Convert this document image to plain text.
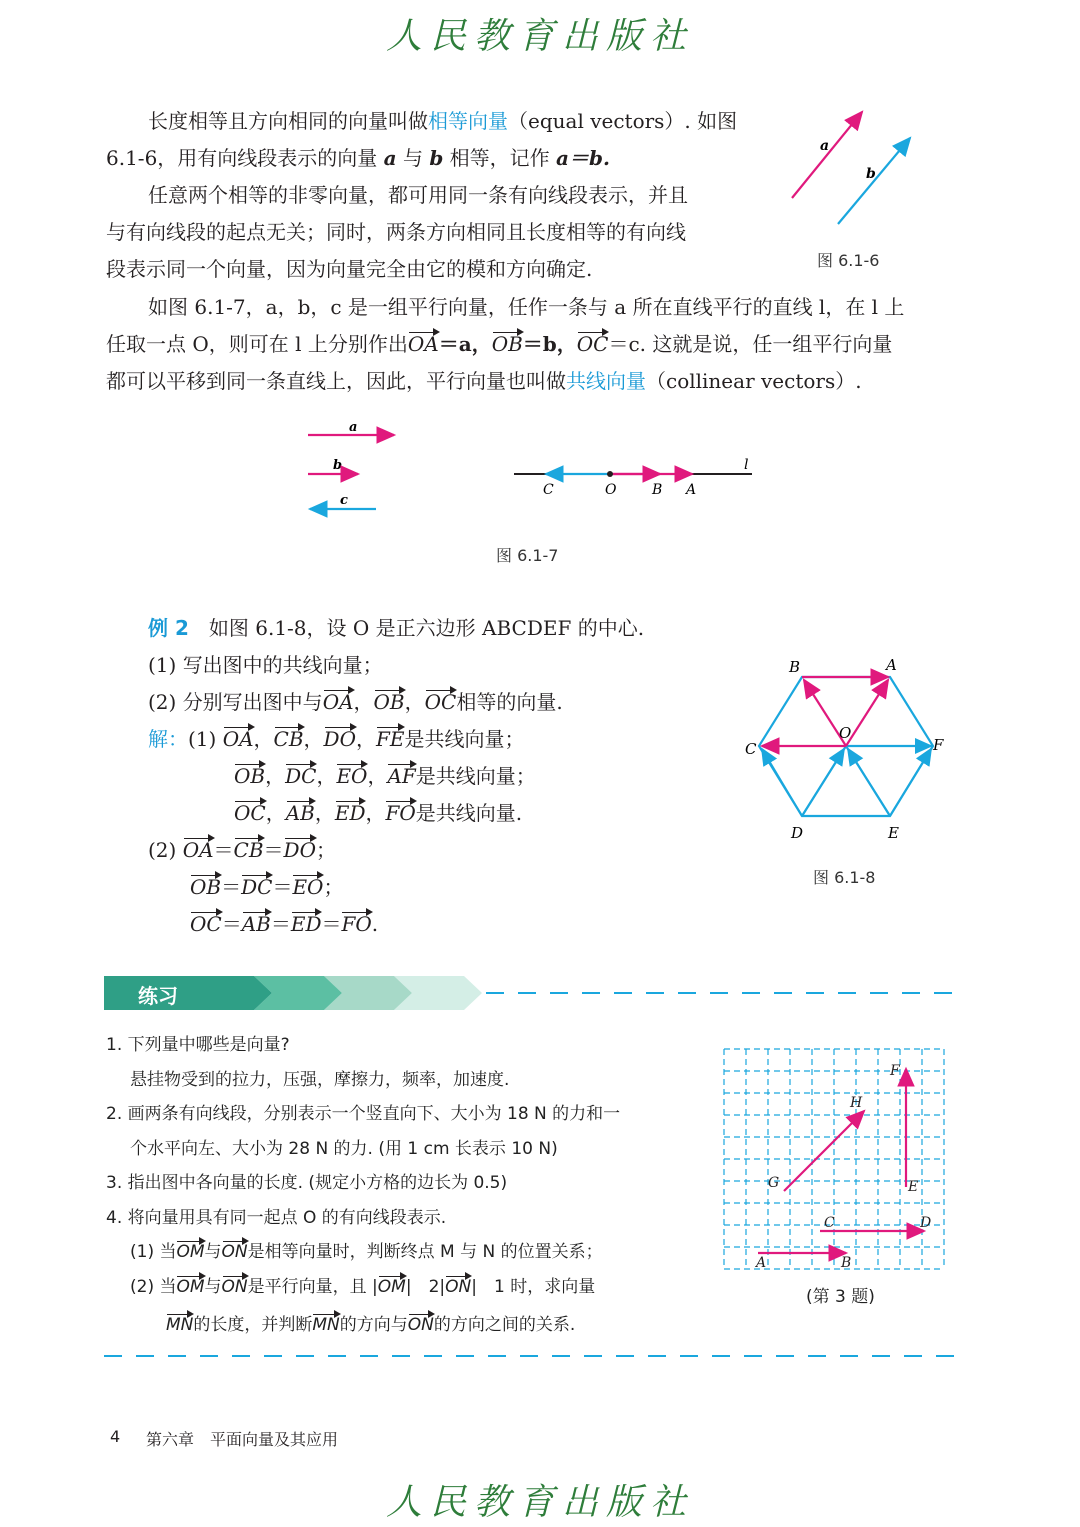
人民教育出版社
长度相等且方向相同的向量叫做相等向量（equal vectors）. 如图
6.1-6，用有向线段表示的向量 a 与 b 相等，记作 a＝b.
任意两个相等的非零向量，都可用同一条有向线段表示，并且
与有向线段的起点无关；同时，两条方向相同且长度相等的有向线
段表示同一个向量，因为向量完全由它的模和方向确定.
a
b
图 6.1-6
如图 6.1-7，a，b，c 是一组平行向量，任作一条与 a 所在直线平行的直线 l，在 l 上
任取一点 O，则可在 l 上分别作出OA＝a，OB＝b，OC＝c. 这就是说，任一组平行向量
都可以平移到同一条直线上，因此，平行向量也叫做共线向量（collinear vectors）.
a
b
c
l
C	O	B A
图 6.1-7
例 2　 如图 6.1-8，设 O 是正六边形 ABCDEF 的中心.
(1) 写出图中的共线向量；
(2) 分别写出图中与OA，OB，OC相等的向量.
解：(1) OA，CB，DO，FE是共线向量；
OB，DC，EO，AF是共线向量；
OC，AB，ED，FO是共线向量.
(2) OA＝CB＝DO；
OB＝DC＝EO；
OC＝AB＝ED＝FO.
A
B
C
D	E
F
O
图 6.1-8
练习
1. 下列量中哪些是向量?
悬挂物受到的拉力，压强，摩擦力，频率，加速度.
2. 画两条有向线段，分别表示一个竖直向下、大小为 18 N 的力和一
个水平向左、大小为 28 N 的力. (用 1 cm 长表示 10 N)
3. 指出图中各向量的长度. (规定小方格的边长为 0.5)
4. 将向量用具有同一起点 O 的有向线段表示.
(1) 当OM与ON是相等向量时，判断终点 M 与 N 的位置关系；
(2) 当OM与ON是平行向量，且 |OM|　2|ON|　1 时，求向量
MN的长度，并判断MN的方向与ON的方向之间的关系.
A	B
C	D
E
F
G
H
(第 3 题)
4 第六章　平面向量及其应用
人民教育出版社
